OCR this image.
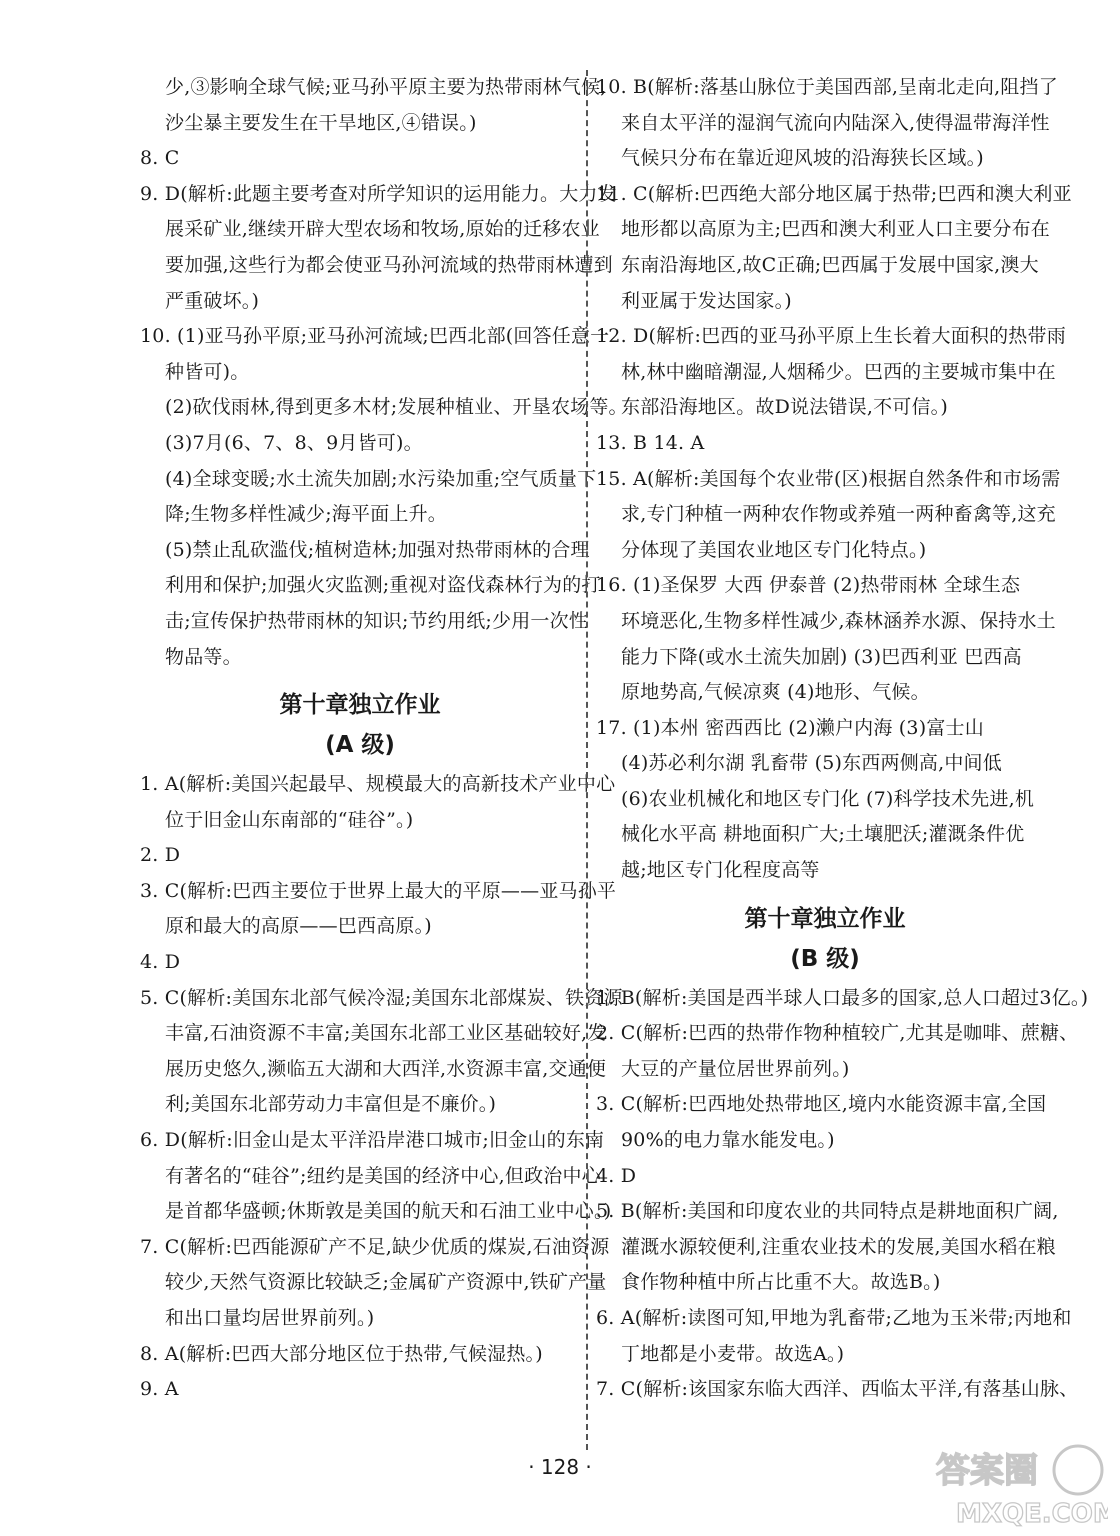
少,③影响全球气候;亚马孙平原主要为热带雨林气候,
沙尘暴主要发生在干旱地区,④错误。)
8. C
9. D(解析:此题主要考查对所学知识的运用能力。大力发
展采矿业,继续开辟大型农场和牧场,原始的迁移农业
要加强,这些行为都会使亚马孙河流域的热带雨林遭到
严重破坏。)
10. (1)亚马孙平原;亚马孙河流域;巴西北部(回答任意一
种皆可)。
(2)砍伐雨林,得到更多木材;发展种植业、开垦农场等。
(3)7月(6、7、8、9月皆可)。
(4)全球变暖;水土流失加剧;水污染加重;空气质量下
降;生物多样性减少;海平面上升。
(5)禁止乱砍滥伐;植树造林;加强对热带雨林的合理
利用和保护;加强火灾监测;重视对盗伐森林行为的打
击;宣传保护热带雨林的知识;节约用纸;少用一次性
物品等。
第十章独立作业
(A 级)
1. A(解析:美国兴起最早、规模最大的高新技术产业中心
位于旧金山东南部的“硅谷”。)
2. D
3. C(解析:巴西主要位于世界上最大的平原——亚马孙平
原和最大的高原——巴西高原。)
4. D
5. C(解析:美国东北部气候冷湿;美国东北部煤炭、铁资源
丰富,石油资源不丰富;美国东北部工业区基础较好,发
展历史悠久,濒临五大湖和大西洋,水资源丰富,交通便
利;美国东北部劳动力丰富但是不廉价。)
6. D(解析:旧金山是太平洋沿岸港口城市;旧金山的东南
有著名的“硅谷”;纽约是美国的经济中心,但政治中心
是首都华盛顿;休斯敦是美国的航天和石油工业中心。)
7. C(解析:巴西能源矿产不足,缺少优质的煤炭,石油资源
较少,天然气资源比较缺乏;金属矿产资源中,铁矿产量
和出口量均居世界前列。)
8. A(解析:巴西大部分地区位于热带,气候湿热。)
9. A
10. B(解析:落基山脉位于美国西部,呈南北走向,阻挡了
来自太平洋的湿润气流向内陆深入,使得温带海洋性
气候只分布在靠近迎风坡的沿海狭长区域。)
11. C(解析:巴西绝大部分地区属于热带;巴西和澳大利亚
地形都以高原为主;巴西和澳大利亚人口主要分布在
东南沿海地区,故C正确;巴西属于发展中国家,澳大
利亚属于发达国家。)
12. D(解析:巴西的亚马孙平原上生长着大面积的热带雨
林,林中幽暗潮湿,人烟稀少。巴西的主要城市集中在
东部沿海地区。故D说法错误,不可信。)
13. B 14. A
15. A(解析:美国每个农业带(区)根据自然条件和市场需
求,专门种植一两种农作物或养殖一两种畜禽等,这充
分体现了美国农业地区专门化特点。)
16. (1)圣保罗 大西 伊泰普 (2)热带雨林 全球生态
环境恶化,生物多样性减少,森林涵养水源、保持水土
能力下降(或水土流失加剧) (3)巴西利亚 巴西高
原地势高,气候凉爽 (4)地形、气候。
17. (1)本州 密西西比 (2)濑户内海 (3)富士山
(4)苏必利尔湖 乳畜带 (5)东西两侧高,中间低
(6)农业机械化和地区专门化 (7)科学技术先进,机
械化水平高 耕地面积广大;土壤肥沃;灌溉条件优
越;地区专门化程度高等
第十章独立作业
(B 级)
1. B(解析:美国是西半球人口最多的国家,总人口超过3亿。)
2. C(解析:巴西的热带作物种植较广,尤其是咖啡、蔗糖、
大豆的产量位居世界前列。)
3. C(解析:巴西地处热带地区,境内水能资源丰富,全国
90%的电力靠水能发电。)
4. D
5. B(解析:美国和印度农业的共同特点是耕地面积广阔,
灌溉水源较便利,注重农业技术的发展,美国水稻在粮
食作物种植中所占比重不大。故选B。)
6. A(解析:读图可知,甲地为乳畜带;乙地为玉米带;丙地和
丁地都是小麦带。故选A。)
7. C(解析:该国家东临大西洋、西临太平洋,有落基山脉、
· 128 ·	答案圈
MXQE.COM
